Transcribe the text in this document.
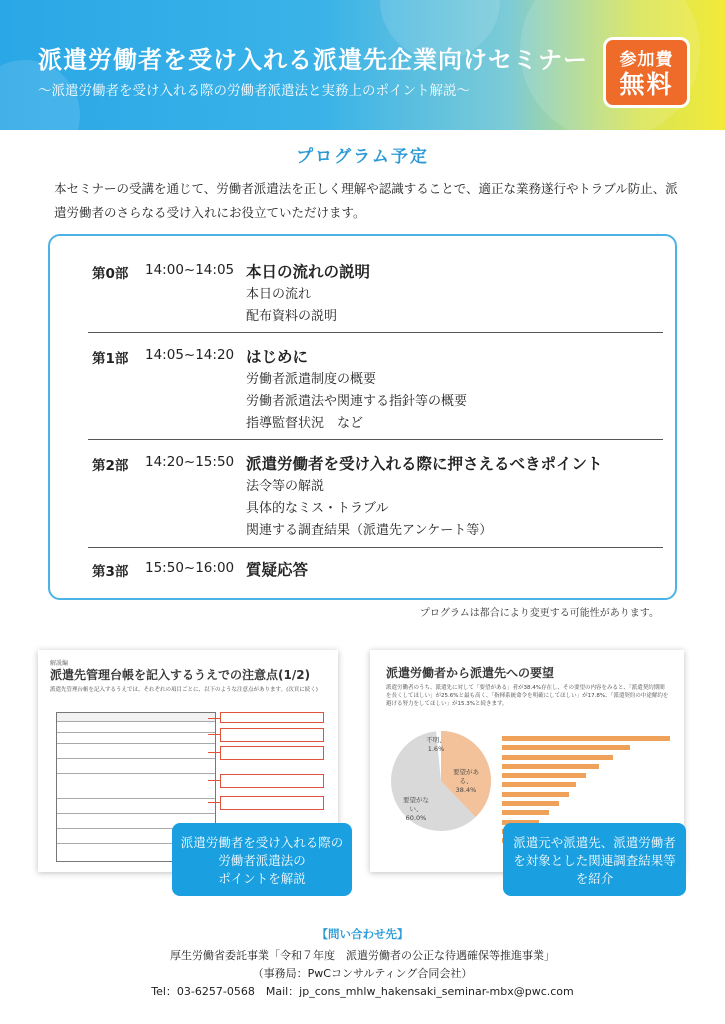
派遣労働者を受け入れる派遣先企業向けセミナー
〜派遣労働者を受け入れる際の労働者派遣法と実務上のポイント解説〜
参加費
無料
プログラム予定
本セミナーの受講を通じて、労働者派遣法を正しく理解や認識することで、適正な業務遂行やトラブル防止、派遣労働者のさらなる受け入れにお役立ていただけます。
第0部 14:00~14:05 本日の流れの説明
本日の流れ
配布資料の説明
第1部 14:05~14:20 はじめに
労働者派遣制度の概要
労働者派遣法や関連する指針等の概要
指導監督状況　など
第2部 14:20~15:50 派遣労働者を受け入れる際に押さえるべきポイント
法令等の解説
具体的なミス・トラブル
関連する調査結果（派遣先アンケート等）
第3部 15:50~16:00 質疑応答
プログラムは都合により変更する可能性があります。
解説編
派遣先管理台帳を記入するうえでの注意点(1/2)
派遣先管理台帳を記入するうえでは、それぞれの項目ごとに、以下のような注意点があります。(次頁に続く)
派遣労働者から派遣先への要望
派遣労働者のうち、派遣先に対して「要望がある」者が38.4%存在し、その要望の内容をみると、「派遣契約期間を長くしてほしい」が25.6%と最も高く、「指揮系統命令を明確にしてほしい」が17.8%、「派遣契約の中途解約を避ける努力をしてほしい」が15.3%と続きます。
不明、1.6%
要望がある、38.4%
要望がない、60.0%
派遣労働者を受け入れる際の
労働者派遣法の
ポイントを解説
派遣元や派遣先、派遣労働者
を対象とした関連調査結果等
を紹介
【問い合わせ先】
厚生労働省委託事業「令和７年度　派遣労働者の公正な待遇確保等推進事業」
（事務局：PwCコンサルティング合同会社）
Tel：03-6257-0568　Mail：jp_cons_mhlw_hakensaki_seminar-mbx@pwc.com
